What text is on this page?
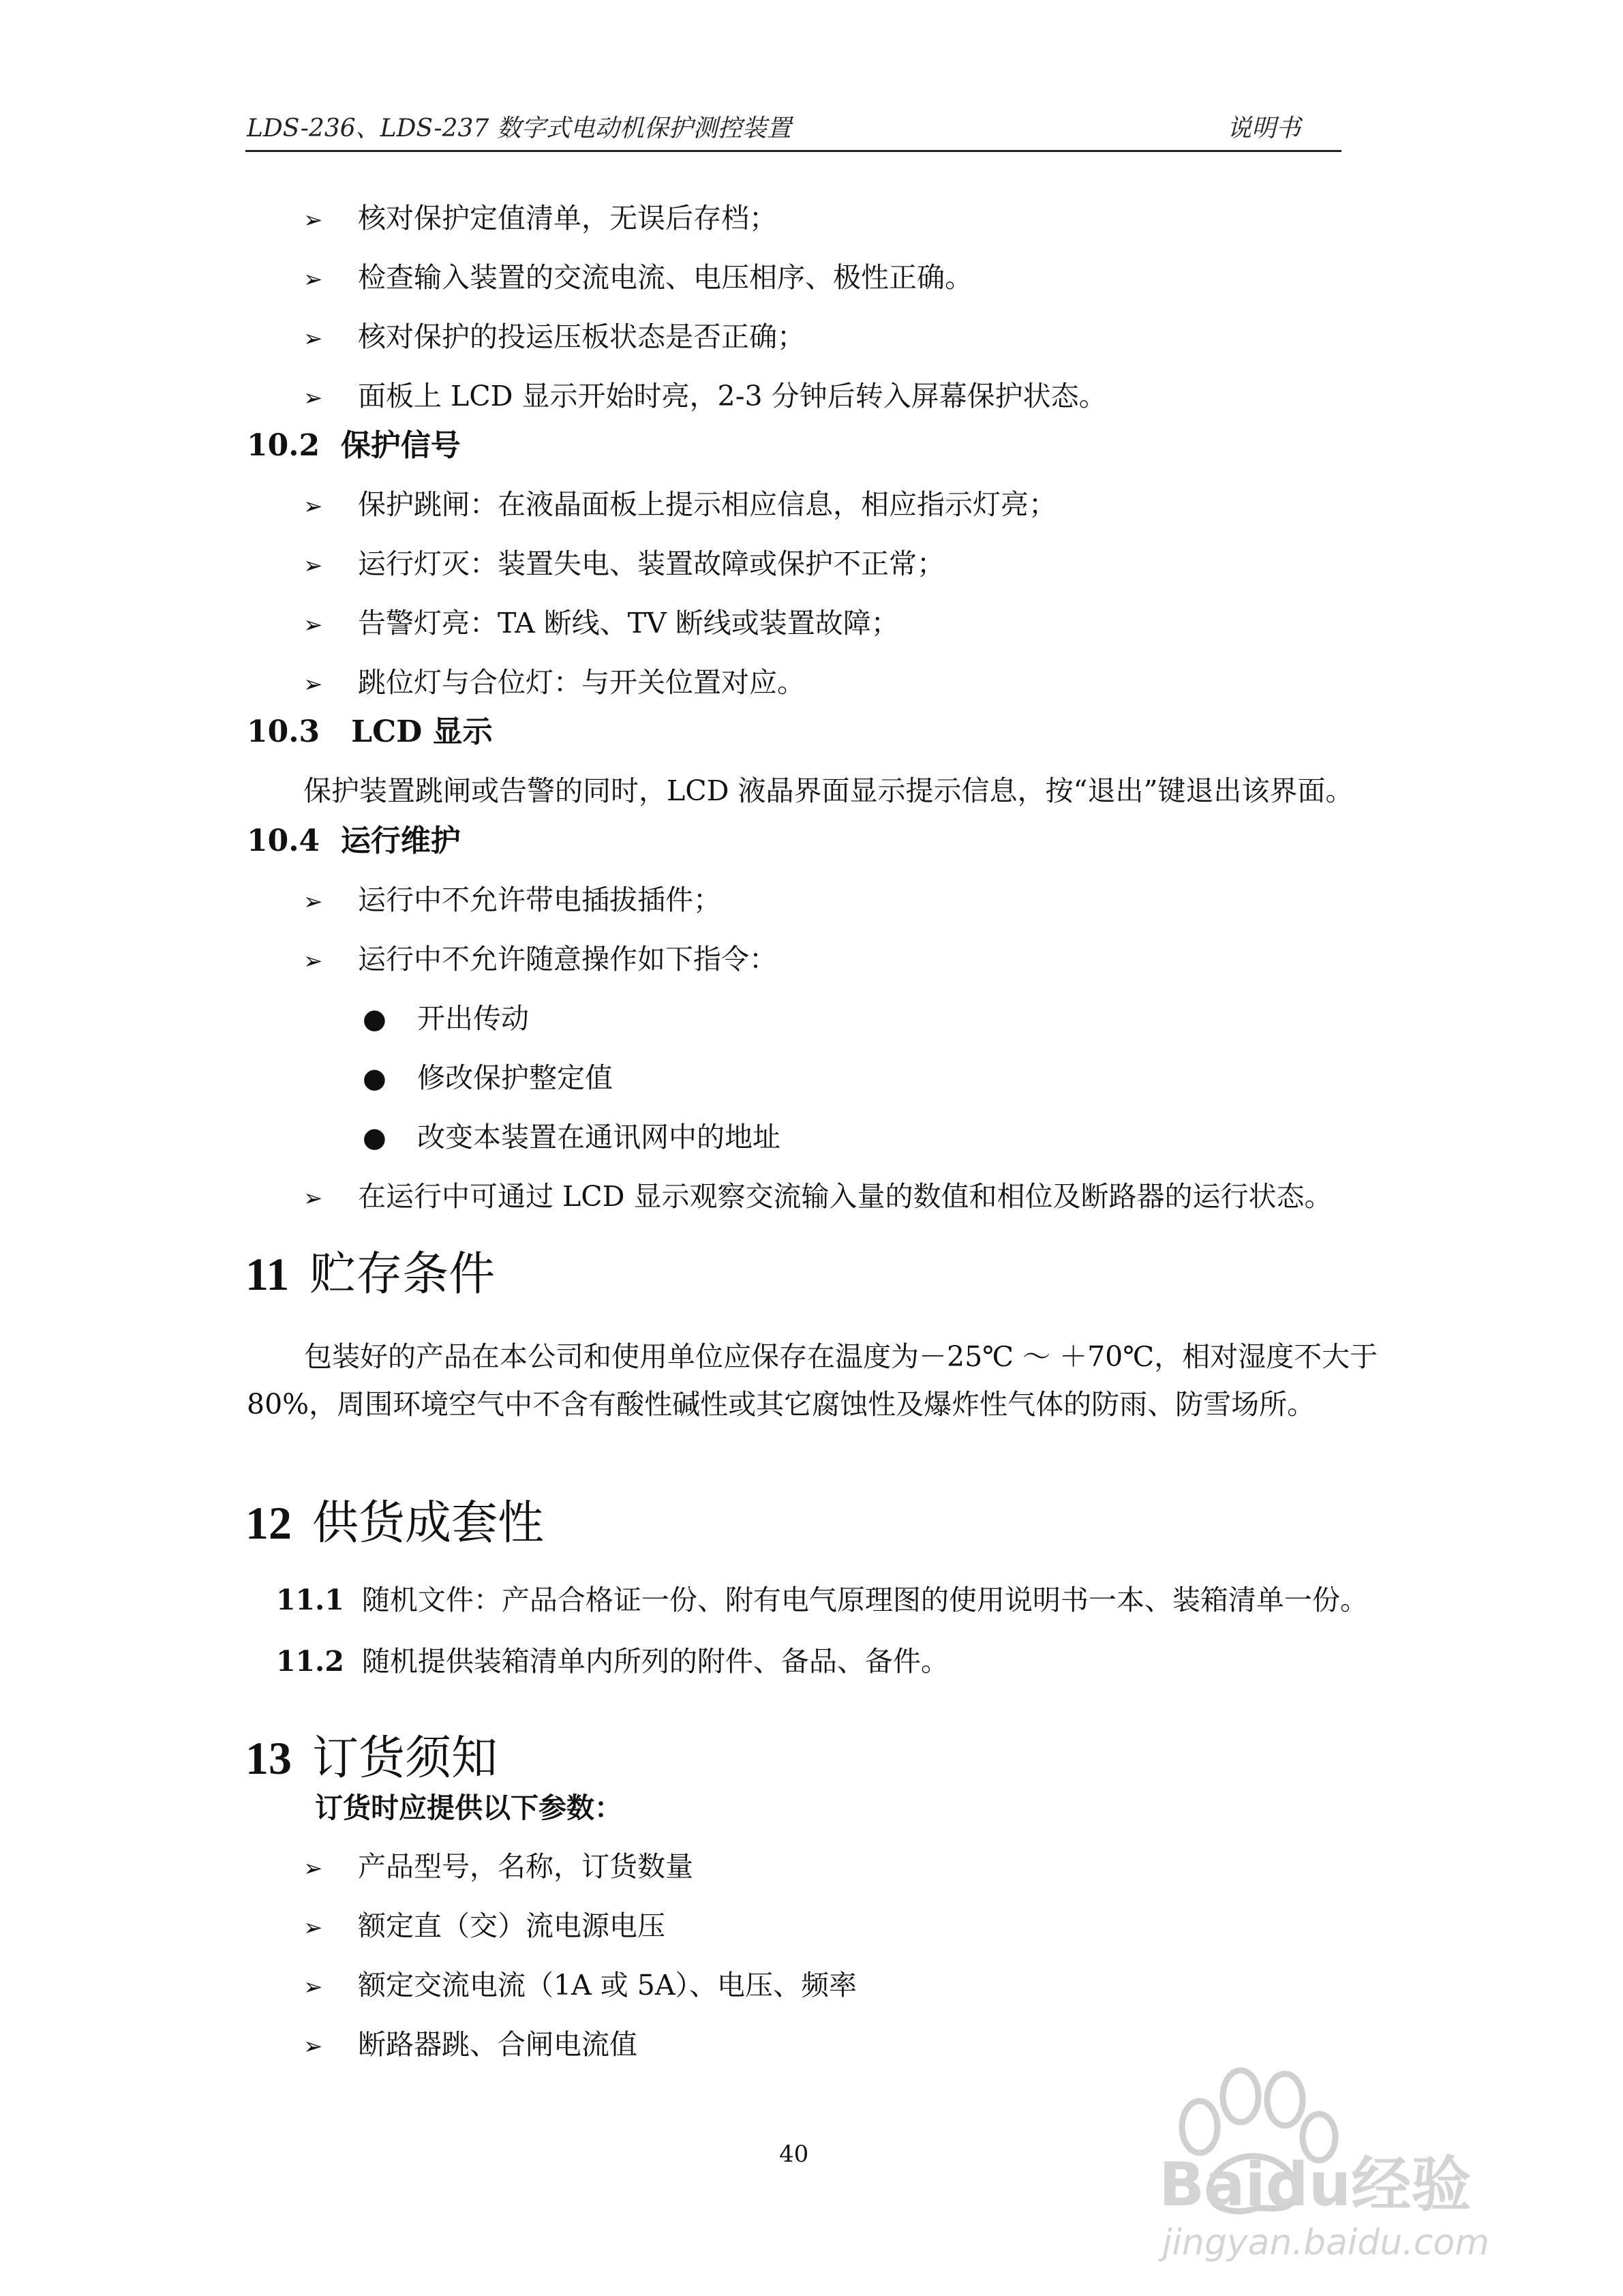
LDS-236、LDS-237 数字式电动机保护测控装置	说明书
➢ 核对保护定值清单，无误后存档；
➢ 检查输入装置的交流电流、电压相序、极性正确。
➢ 核对保护的投运压板状态是否正确；
➢ 面板上 LCD 显示开始时亮，2-3 分钟后转入屏幕保护状态。
10.2 保护信号
➢ 保护跳闸：在液晶面板上提示相应信息，相应指示灯亮；
➢ 运行灯灭：装置失电、装置故障或保护不正常；
➢ 告警灯亮：TA 断线、TV 断线或装置故障；
➢ 跳位灯与合位灯：与开关位置对应。
10.3 LCD 显示
保护装置跳闸或告警的同时，LCD 液晶界面显示提示信息，按“退出”键退出该界面。
10.4 运行维护
➢ 运行中不允许带电插拔插件；
➢ 运行中不允许随意操作如下指令：
● 开出传动
● 修改保护整定值
● 改变本装置在通讯网中的地址
➢ 在运行中可通过 LCD 显示观察交流输入量的数值和相位及断路器的运行状态。
11 贮存条件
包装好的产品在本公司和使用单位应保存在温度为－25℃ ～ ＋70℃，相对湿度不大于 80%，周围环境空气中不含有酸性碱性或其它腐蚀性及爆炸性气体的防雨、防雪场所。
12 供货成套性
11.1 随机文件：产品合格证一份、附有电气原理图的使用说明书一本、装箱清单一份。
11.2 随机提供装箱清单内所列的附件、备品、备件。
13 订货须知
订货时应提供以下参数：
➢ 产品型号，名称，订货数量
➢ 额定直（交）流电源电压
➢ 额定交流电流（1A 或 5A）、电压、频率
➢ 断路器跳、合闸电流值
40	Baidu经验
jingyan.baidu.com
